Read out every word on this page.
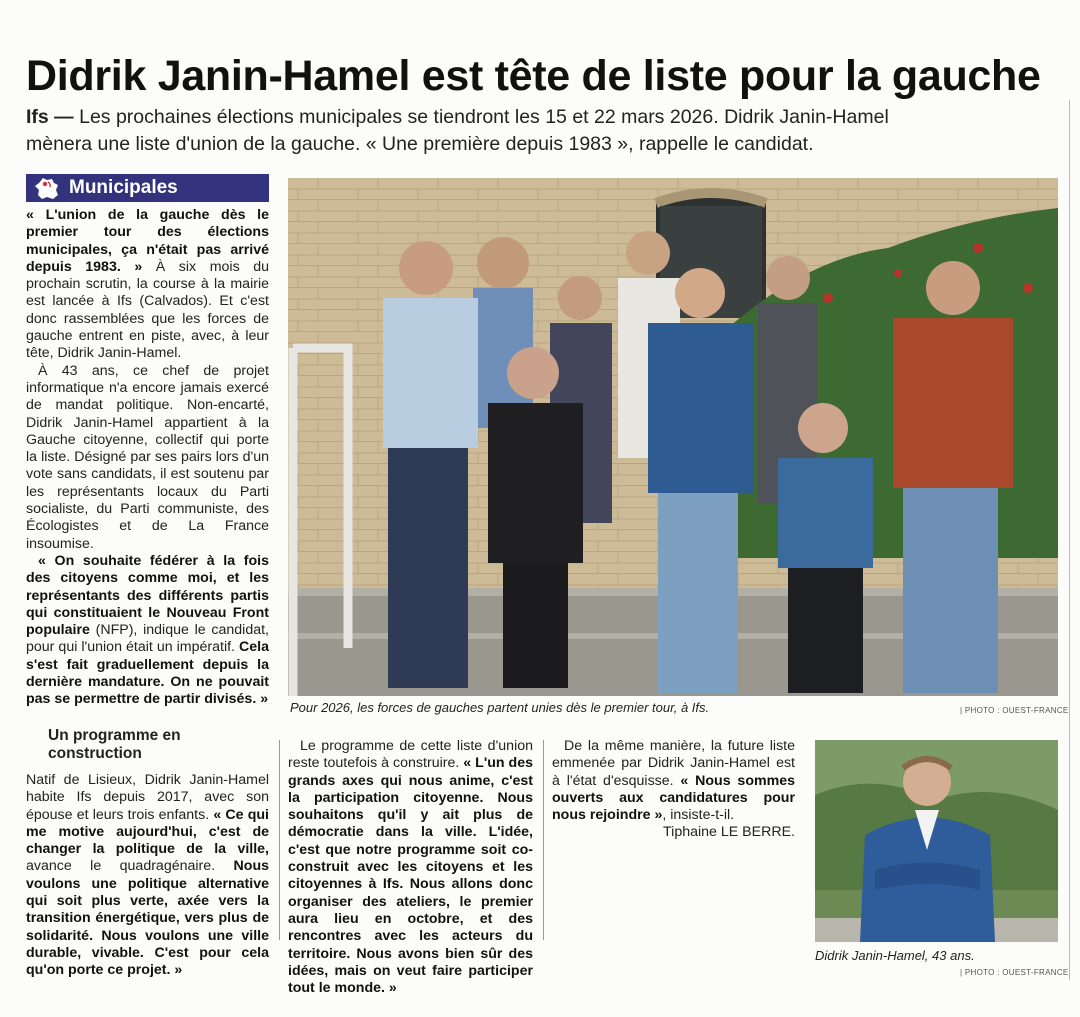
Didrik Janin-Hamel est tête de liste pour la gauche
Ifs — Les prochaines élections municipales se tiendront les 15 et 22 mars 2026. Didrik Janin-Hamel
mènera une liste d'union de la gauche. « Une première depuis 1983 », rappelle le candidat.
Municipales

« L'union de la gauche dès le premier tour des élections municipales, ça n'était pas arrivé depuis 1983. » À six mois du prochain scrutin, la course à la mairie est lancée à Ifs (Calvados). Et c'est donc rassemblées que les forces de gauche entrent en piste, avec, à leur tête, Didrik Janin-Hamel.

À 43 ans, ce chef de projet informatique n'a encore jamais exercé de mandat politique. Non-encarté, Didrik Janin-Hamel appartient à la Gauche citoyenne, collectif qui porte la liste. Désigné par ses pairs lors d'un vote sans candidats, il est soutenu par les représentants locaux du Parti socialiste, du Parti communiste, des Écologistes et de La France insoumise.

« On souhaite fédérer à la fois des citoyens comme moi, et les représentants des différents partis qui constituaient le Nouveau Front populaire (NFP), indique le candidat, pour qui l'union était un impératif. Cela s'est fait graduellement depuis la dernière mandature. On ne pouvait pas se permettre de partir divisés. »

Un programme en construction

Natif de Lisieux, Didrik Janin-Hamel habite Ifs depuis 2017, avec son épouse et leurs trois enfants. « Ce qui me motive aujourd'hui, c'est de changer la politique de la ville, avance le quadragénaire. Nous voulons une politique alternative qui soit plus verte, axée vers la transition énergétique, vers plus de solidarité. Nous voulons une ville durable, vivable. C'est pour cela qu'on porte ce projet. »

Le programme de cette liste d'union reste toutefois à construire. « L'un des grands axes qui nous anime, c'est la participation citoyenne. Nous souhaitons qu'il y ait plus de démocratie dans la ville. L'idée, c'est que notre programme soit co-construit avec les citoyens et les citoyennes à Ifs. Nous allons donc organiser des ateliers, le premier aura lieu en octobre, et des rencontres avec les acteurs du territoire. Nous avons bien sûr des idées, mais on veut faire participer tout le monde. »

De la même manière, la future liste emmenée par Didrik Janin-Hamel est à l'état d'esquisse. « Nous sommes ouverts aux candidatures pour nous rejoindre », insiste-t-il.

Tiphaine LE BERRE.

Pour 2026, les forces de gauches partent unies dès le premier tour, à Ifs.	| PHOTO : OUEST-FRANCE
Didrik Janin-Hamel, 43 ans.
| PHOTO : OUEST-FRANCE
